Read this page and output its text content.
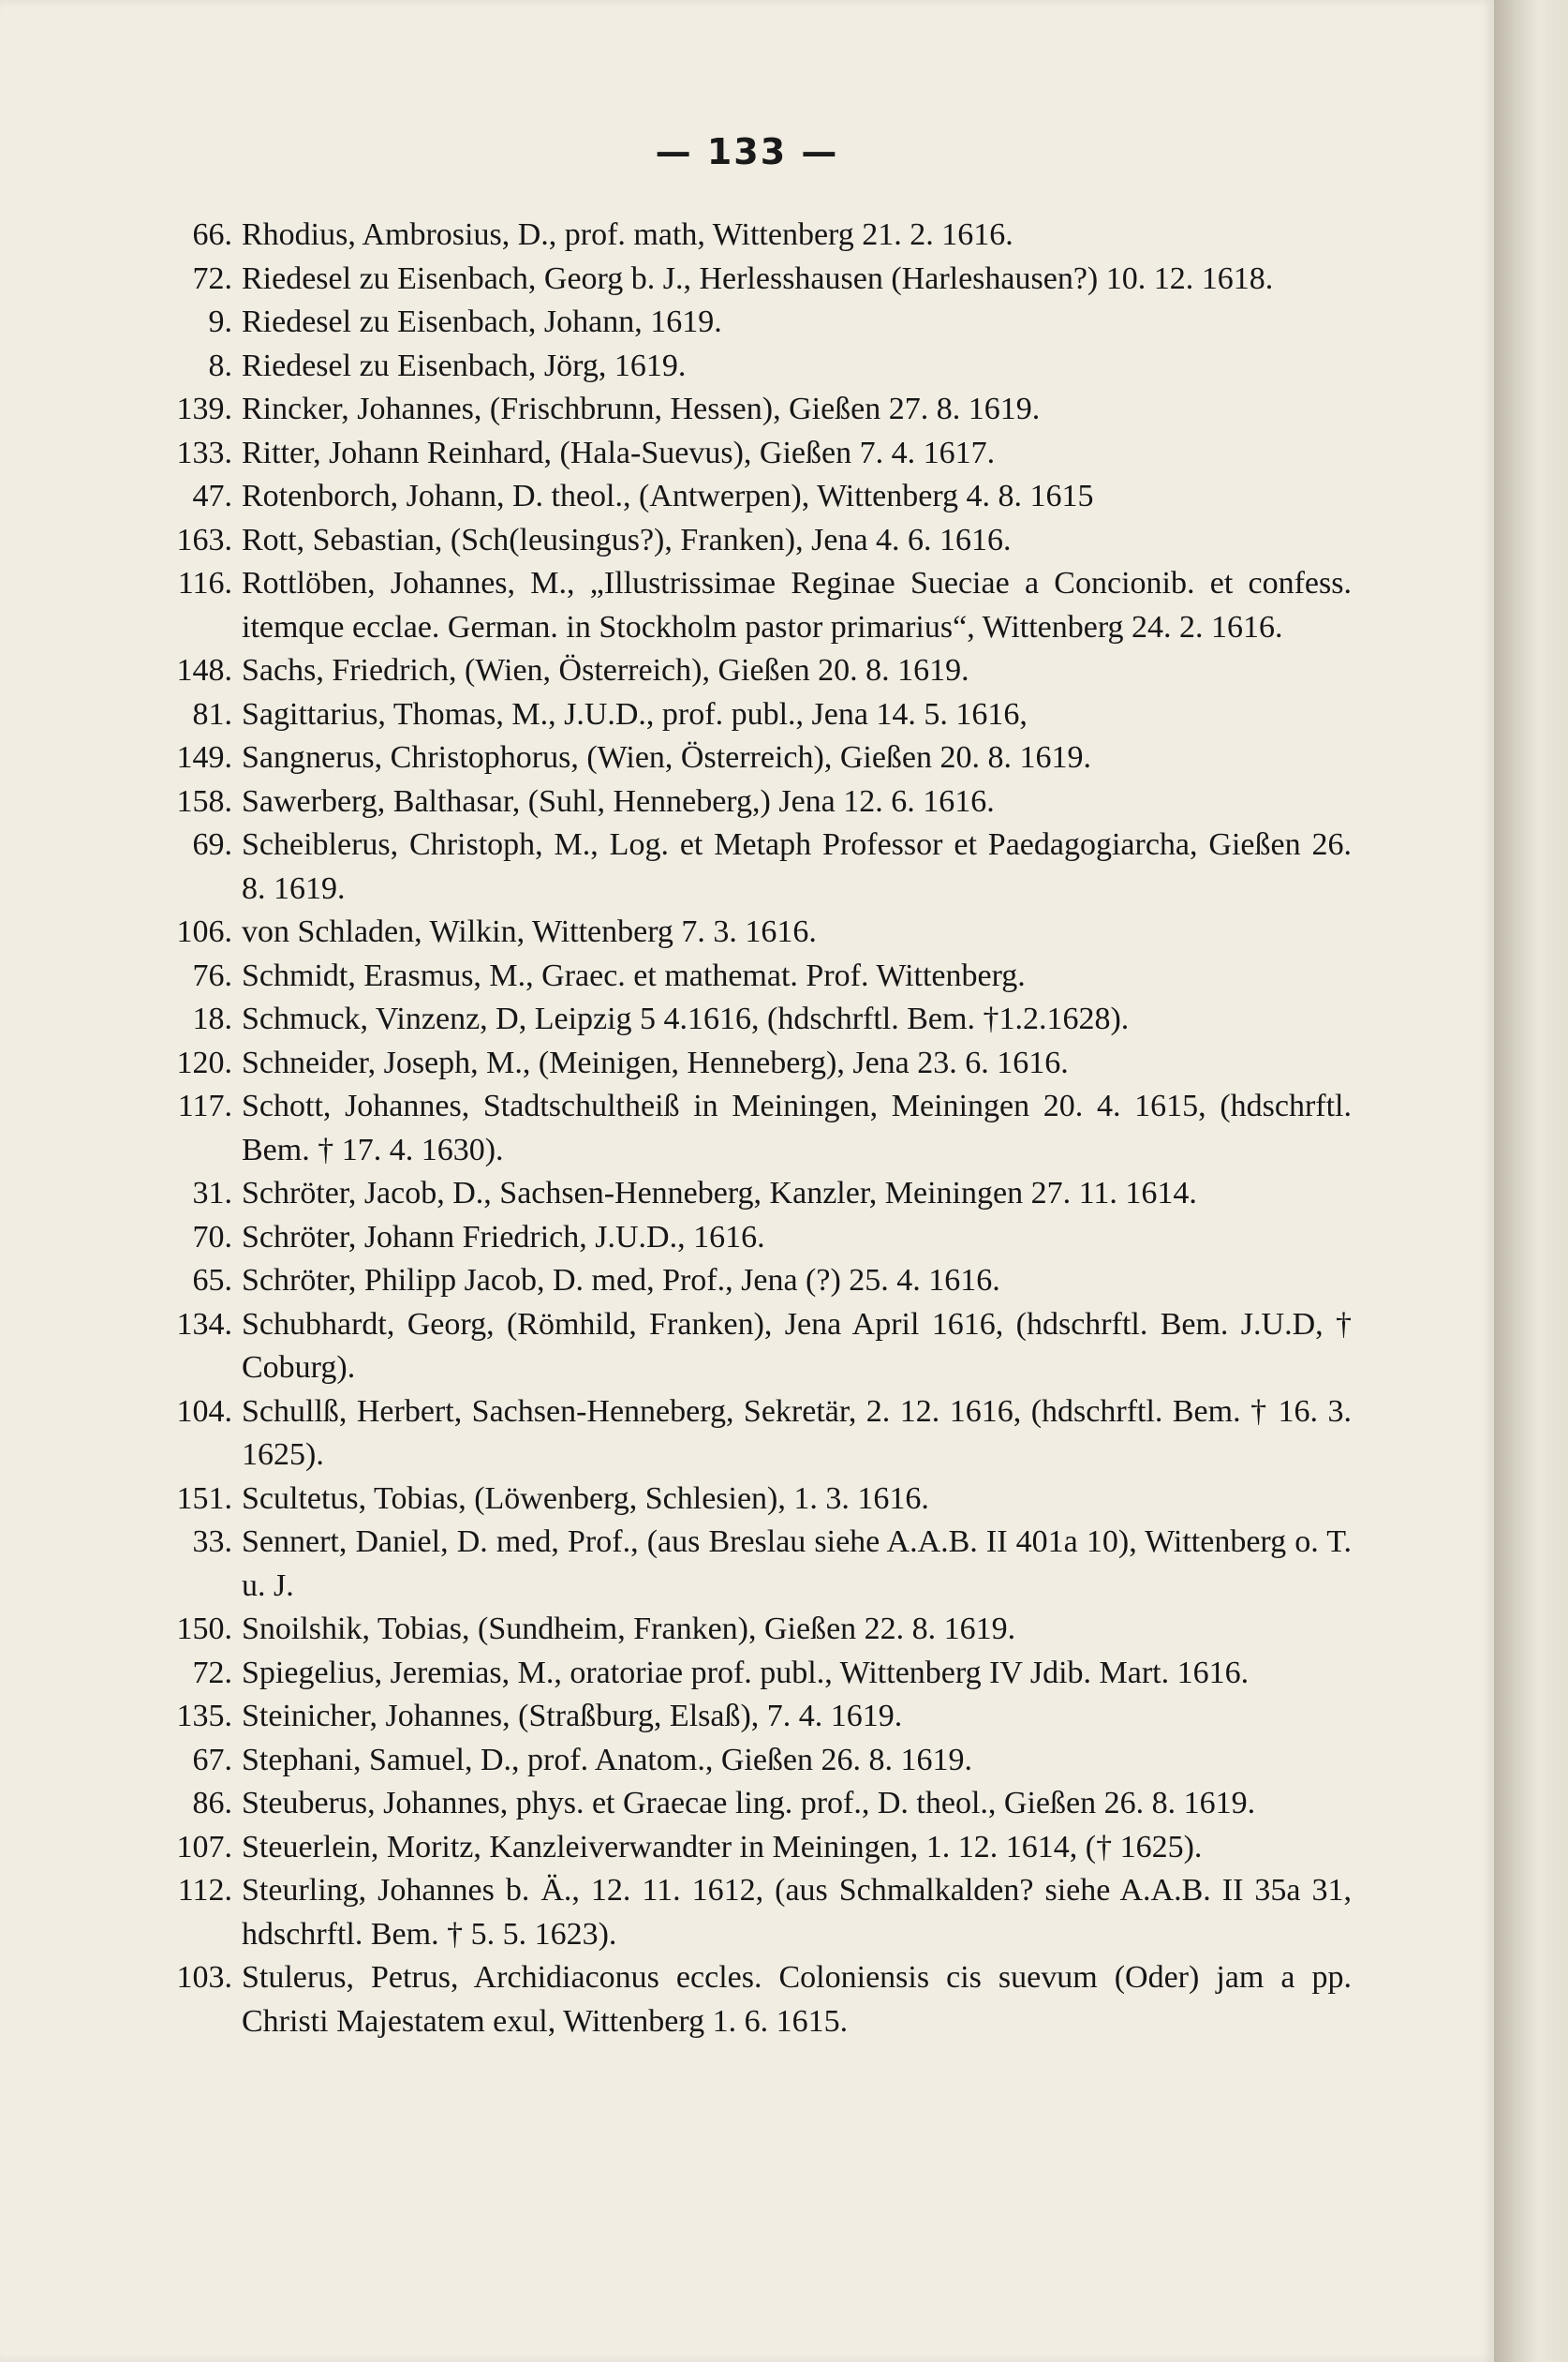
— 133 —
66. Rhodius, Ambrosius, D., prof. math, Wittenberg 21. 2. 1616.
72. Riedesel zu Eisenbach, Georg b. J., Herlesshausen (Harleshausen?) 10. 12. 1618.
9. Riedesel zu Eisenbach, Johann, 1619.
8. Riedesel zu Eisenbach, Jörg, 1619.
139. Rincker, Johannes, (Frischbrunn, Hessen), Gießen 27. 8. 1619.
133. Ritter, Johann Reinhard, (Hala-Suevus), Gießen 7. 4. 1617.
47. Rotenborch, Johann, D. theol., (Antwerpen), Wittenberg 4. 8. 1615
163. Rott, Sebastian, (Sch(leusingus?), Franken), Jena 4. 6. 1616.
116. Rottlöben, Johannes, M., „Illustrissimae Reginae Sueciae a Concionib. et confess. itemque ecclae. German. in Stockholm pastor primarius“, Wittenberg 24. 2. 1616.
148. Sachs, Friedrich, (Wien, Österreich), Gießen 20. 8. 1619.
81. Sagittarius, Thomas, M., J.U.D., prof. publ., Jena 14. 5. 1616,
149. Sangnerus, Christophorus, (Wien, Österreich), Gießen 20. 8. 1619.
158. Sawerberg, Balthasar, (Suhl, Henneberg,) Jena 12. 6. 1616.
69. Scheiblerus, Christoph, M., Log. et Metaph Professor et Paedagogiarcha, Gießen 26. 8. 1619.
106. von Schladen, Wilkin, Wittenberg 7. 3. 1616.
76. Schmidt, Erasmus, M., Graec. et mathemat. Prof. Wittenberg.
18. Schmuck, Vinzenz, D, Leipzig 5 4.1616, (hdschrftl. Bem. †1.2.1628).
120. Schneider, Joseph, M., (Meinigen, Henneberg), Jena 23. 6. 1616.
117. Schott, Johannes, Stadtschultheiß in Meiningen, Meiningen 20. 4. 1615, (hdschrftl. Bem. † 17. 4. 1630).
31. Schröter, Jacob, D., Sachsen-Henneberg, Kanzler, Meiningen 27. 11. 1614.
70. Schröter, Johann Friedrich, J.U.D., 1616.
65. Schröter, Philipp Jacob, D. med, Prof., Jena (?) 25. 4. 1616.
134. Schubhardt, Georg, (Römhild, Franken), Jena April 1616, (hdschrftl. Bem. J.U.D, † Coburg).
104. Schullß, Herbert, Sachsen-Henneberg, Sekretär, 2. 12. 1616, (hdschrftl. Bem. † 16. 3. 1625).
151. Scultetus, Tobias, (Löwenberg, Schlesien), 1. 3. 1616.
33. Sennert, Daniel, D. med, Prof., (aus Breslau siehe A.A.B. II 401a 10), Wittenberg o. T. u. J.
150. Snoilshik, Tobias, (Sundheim, Franken), Gießen 22. 8. 1619.
72. Spiegelius, Jeremias, M., oratoriae prof. publ., Wittenberg IV Jdib. Mart. 1616.
135. Steinicher, Johannes, (Straßburg, Elsaß), 7. 4. 1619.
67. Stephani, Samuel, D., prof. Anatom., Gießen 26. 8. 1619.
86. Steuberus, Johannes, phys. et Graecae ling. prof., D. theol., Gießen 26. 8. 1619.
107. Steuerlein, Moritz, Kanzleiverwandter in Meiningen, 1. 12. 1614, († 1625).
112. Steurling, Johannes b. Ä., 12. 11. 1612, (aus Schmalkalden? siehe A.A.B. II 35a 31, hdschrftl. Bem. † 5. 5. 1623).
103. Stulerus, Petrus, Archidiaconus eccles. Coloniensis cis suevum (Oder) jam a pp. Christi Majestatem exul, Wittenberg 1. 6. 1615.
